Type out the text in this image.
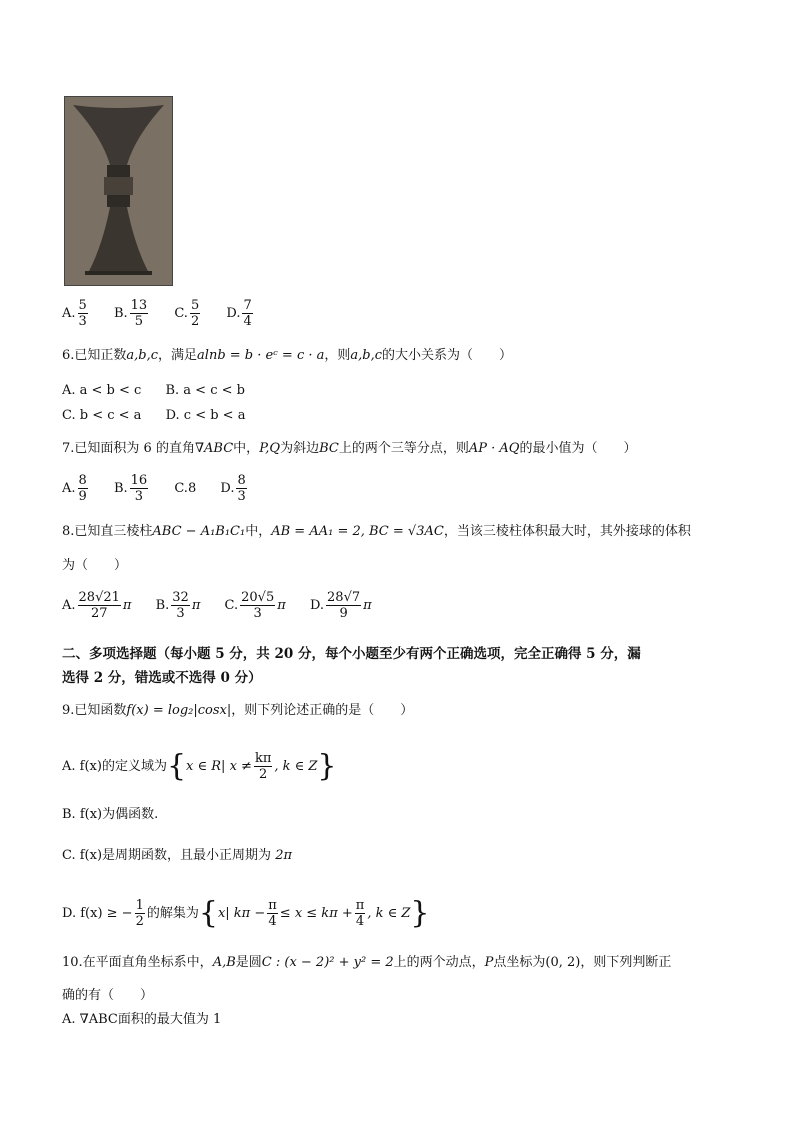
A. $\frac{5}{3} B$. $\frac{13}{5} C$. $\frac{5}{2} D$. $\frac{7}{4}$
6.已知正数a,b,c，满足alnb = b · eᶜ = c · a，则a,b,c的大小关系为（　　）
A. a < b < c B. a < c < b
C. b < c < a D. c < b < a
7.已知面积为 6 的直角∇ABC中，P,Q为斜边BC上的两个三等分点，则AP · AQ的最小值为（　　）
A. $\frac{8}{9} B$. $\frac{16}{3} C.8$ D. $\frac{8}{3}$
8.已知直三棱柱ABC − A₁B₁C₁中，AB = AA₁ = 2, BC = √3AC，当该三棱柱体积最大时，其外接球的体积
为（　　）
A. $\frac{28√21}{27}$ π B. $\frac{32}{3}$ π C. $\frac{20√5}{3}$ π D. $\frac{28√7}{9}$ π
二、多项选择题（每小题 5 分，共 20 分，每个小题至少有两个正确选项，完全正确得 5 分，漏
选得 2 分，错选或不选得 0 分）
9.已知函数f(x) = log₂|cosx|，则下列论述正确的是（　　）
A. f(x)的定义域为{x ∈ R| $x \ne \frac{k\pi}{2}$ , k ∈ Z}
B. f(x)为偶函数.
C. f(x)是周期函数，且最小正周期为 2π
D. f(x) ≥ − $\frac{1}{2}$ 的解集为{x| $k\pi - \frac{\pi}{4} \le x \le k\pi + \frac{\pi}{4}$ , k ∈ Z}
10.在平面直角坐标系中，A,B是圆C : (x − 2)² + y² = 2上的两个动点，P点坐标为(0, 2)，则下列判断正
确的有（　　）
A. ∇ABC面积的最大值为 1
